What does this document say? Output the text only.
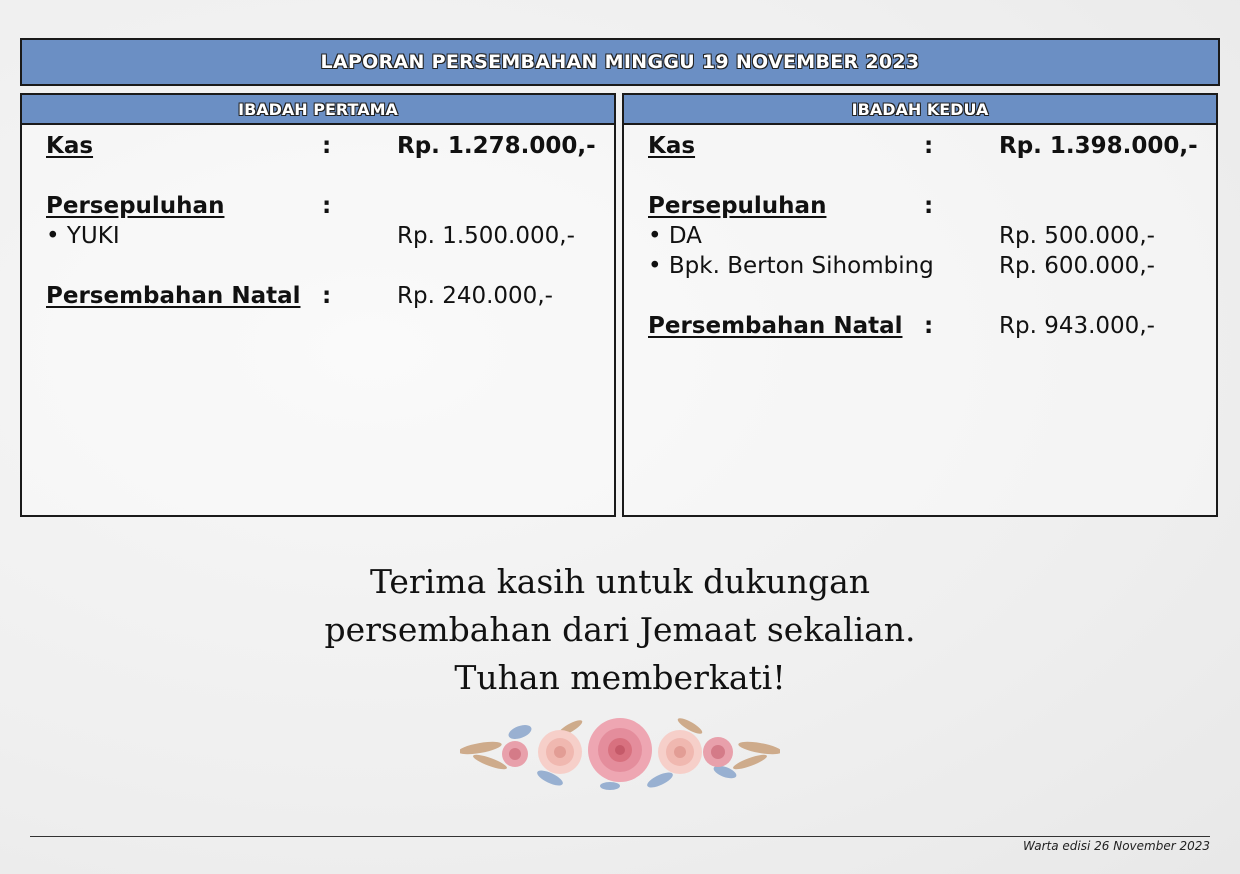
LAPORAN PERSEMBAHAN MINGGU 19 NOVEMBER 2023
IBADAH PERTAMA
Kas	:	Rp. 1.278.000,-
Persepuluhan	:
• YUKI	Rp. 1.500.000,-
Persembahan Natal :	Rp. 240.000,-
IBADAH KEDUA
Kas	:	Rp. 1.398.000,-
Persepuluhan	:
• DA	Rp. 500.000,-
• Bpk. Berton Sihombing	Rp. 600.000,-
Persembahan Natal :	Rp. 943.000,-
Terima kasih untuk dukungan
persembahan dari Jemaat sekalian.
Tuhan memberkati!
Warta edisi 26 November 2023
